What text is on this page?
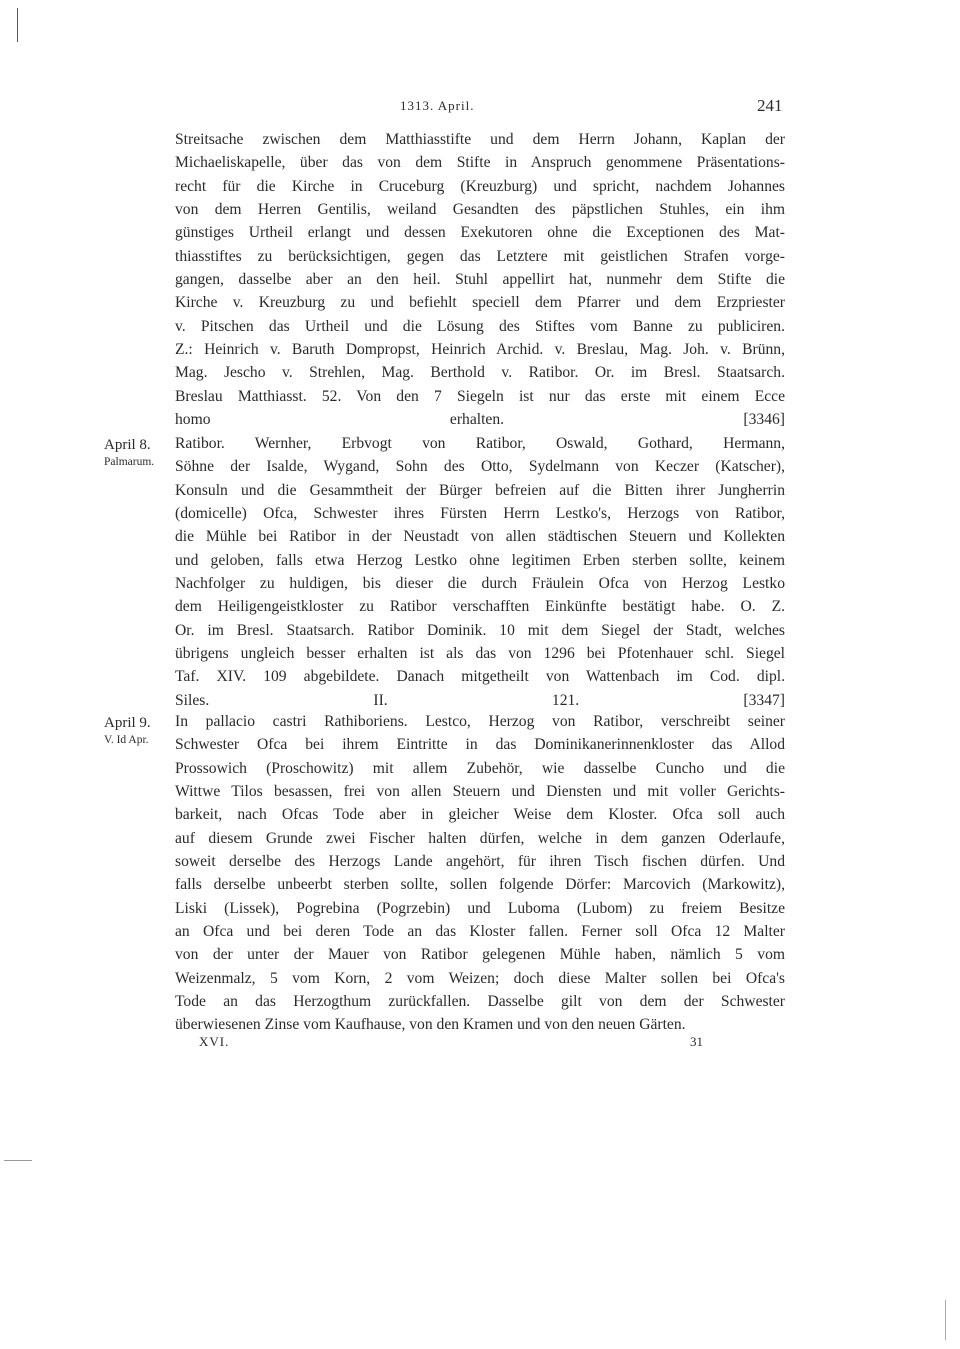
1313. April.	241
Streitsache zwischen dem Matthiasstifte und dem Herrn Johann, Kaplan der
Michaeliskapelle, über das von dem Stifte in Anspruch genommene Präsentations-
recht für die Kirche in Cruceburg (Kreuzburg) und spricht, nachdem Johannes
von dem Herren Gentilis, weiland Gesandten des päpstlichen Stuhles, ein ihm
günstiges Urtheil erlangt und dessen Exekutoren ohne die Exceptionen des Mat-
thiasstiftes zu berücksichtigen, gegen das Letztere mit geistlichen Strafen vorge-
gangen, dasselbe aber an den heil. Stuhl appellirt hat, nunmehr dem Stifte die
Kirche v. Kreuzburg zu und befiehlt speciell dem Pfarrer und dem Erzpriester
v. Pitschen das Urtheil und die Lösung des Stiftes vom Banne zu publiciren.
Z.: Heinrich v. Baruth Dompropst, Heinrich Archid. v. Breslau, Mag. Joh. v. Brünn,
Mag. Jescho v. Strehlen, Mag. Berthold v. Ratibor. Or. im Bresl. Staatsarch.
Breslau Matthiasst. 52. Von den 7 Siegeln ist nur das erste mit einem Ecce
homo erhalten.	[3346]
April 8.
Palmarum.
Ratibor. Wernher, Erbvogt von Ratibor, Oswald, Gothard, Hermann,
Söhne der Isalde, Wygand, Sohn des Otto, Sydelmann von Keczer (Katscher),
Konsuln und die Gesammtheit der Bürger befreien auf die Bitten ihrer Jungherrin
(domicelle) Ofca, Schwester ihres Fürsten Herrn Lestko's, Herzogs von Ratibor,
die Mühle bei Ratibor in der Neustadt von allen städtischen Steuern und Kollekten
und geloben, falls etwa Herzog Lestko ohne legitimen Erben sterben sollte, keinem
Nachfolger zu huldigen, bis dieser die durch Fräulein Ofca von Herzog Lestko
dem Heiligengeistkloster zu Ratibor verschafften Einkünfte bestätigt habe. O. Z.
Or. im Bresl. Staatsarch. Ratibor Dominik. 10 mit dem Siegel der Stadt, welches
übrigens ungleich besser erhalten ist als das von 1296 bei Pfotenhauer schl. Siegel
Taf. XIV. 109 abgebildete. Danach mitgetheilt von Wattenbach im Cod. dipl.
Siles. II. 121.	[3347]
April 9.
V. Id Apr.
In pallacio castri Rathiboriens. Lestco, Herzog von Ratibor, verschreibt seiner
Schwester Ofca bei ihrem Eintritte in das Dominikanerinnenkloster das Allod
Prossowich (Proschowitz) mit allem Zubehör, wie dasselbe Cuncho und die
Wittwe Tilos besassen, frei von allen Steuern und Diensten und mit voller Gerichts-
barkeit, nach Ofcas Tode aber in gleicher Weise dem Kloster. Ofca soll auch
auf diesem Grunde zwei Fischer halten dürfen, welche in dem ganzen Oderlaufe,
soweit derselbe des Herzogs Lande angehört, für ihren Tisch fischen dürfen. Und
falls derselbe unbeerbt sterben sollte, sollen folgende Dörfer: Marcovich (Markowitz),
Liski (Lissek), Pogrebina (Pogrzebin) und Luboma (Lubom) zu freiem Besitze
an Ofca und bei deren Tode an das Kloster fallen. Ferner soll Ofca 12 Malter
von der unter der Mauer von Ratibor gelegenen Mühle haben, nämlich 5 vom
Weizenmalz, 5 vom Korn, 2 vom Weizen; doch diese Malter sollen bei Ofca's
Tode an das Herzogthum zurückfallen. Dasselbe gilt von dem der Schwester
überwiesenen Zinse vom Kaufhause, von den Kramen und von den neuen Gärten.
XVI.	31
